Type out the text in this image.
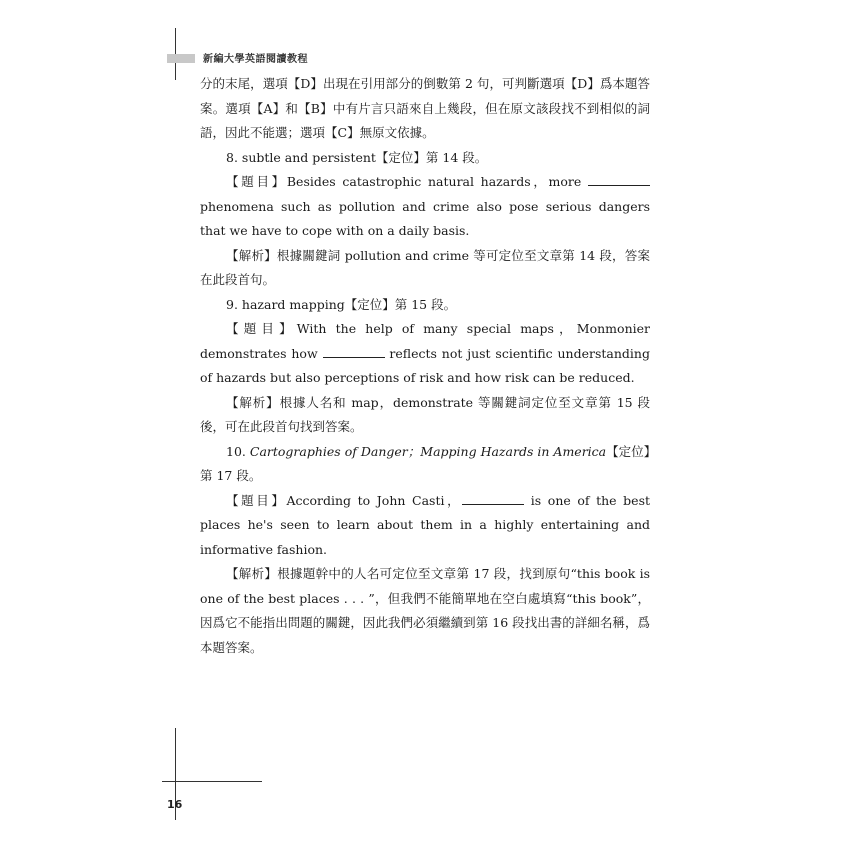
新編大學英語閱讀教程

分的末尾，選項【D】出現在引用部分的倒數第 2 句，可判斷選項【D】爲本題答案。選項【A】和【B】中有片言只語來自上幾段，但在原文該段找不到相似的詞語，因此不能選；選項【C】無原文依據。

8. subtle and persistent【定位】第 14 段。

【題目】Besides catastrophic natural hazards，more  phenomena such as pollution and crime also pose serious dangers that we have to cope with on a daily basis.

【解析】根據關鍵詞 pollution and crime 等可定位至文章第 14 段，答案在此段首句。

9. hazard mapping【定位】第 15 段。

【題目】With the help of many special maps，Monmonier demonstrates how	reflects not just scientific understanding of hazards but also perceptions of risk and how risk can be reduced.

【解析】根據人名和 map，demonstrate 等關鍵詞定位至文章第 15 段後，可在此段首句找到答案。

10. Cartographies of Danger；Mapping Hazards in America【定位】第 17 段。

【題目】According to John Casti，	is one of the best places he's seen to learn about them in a highly entertaining and informative fashion.

【解析】根據題幹中的人名可定位至文章第 17 段，找到原句“this book is one of the best places . . . ”，但我們不能簡單地在空白處填寫“this book”，因爲它不能指出問題的關鍵，因此我們必須繼續到第 16 段找出書的詳細名稱，爲本題答案。

16
